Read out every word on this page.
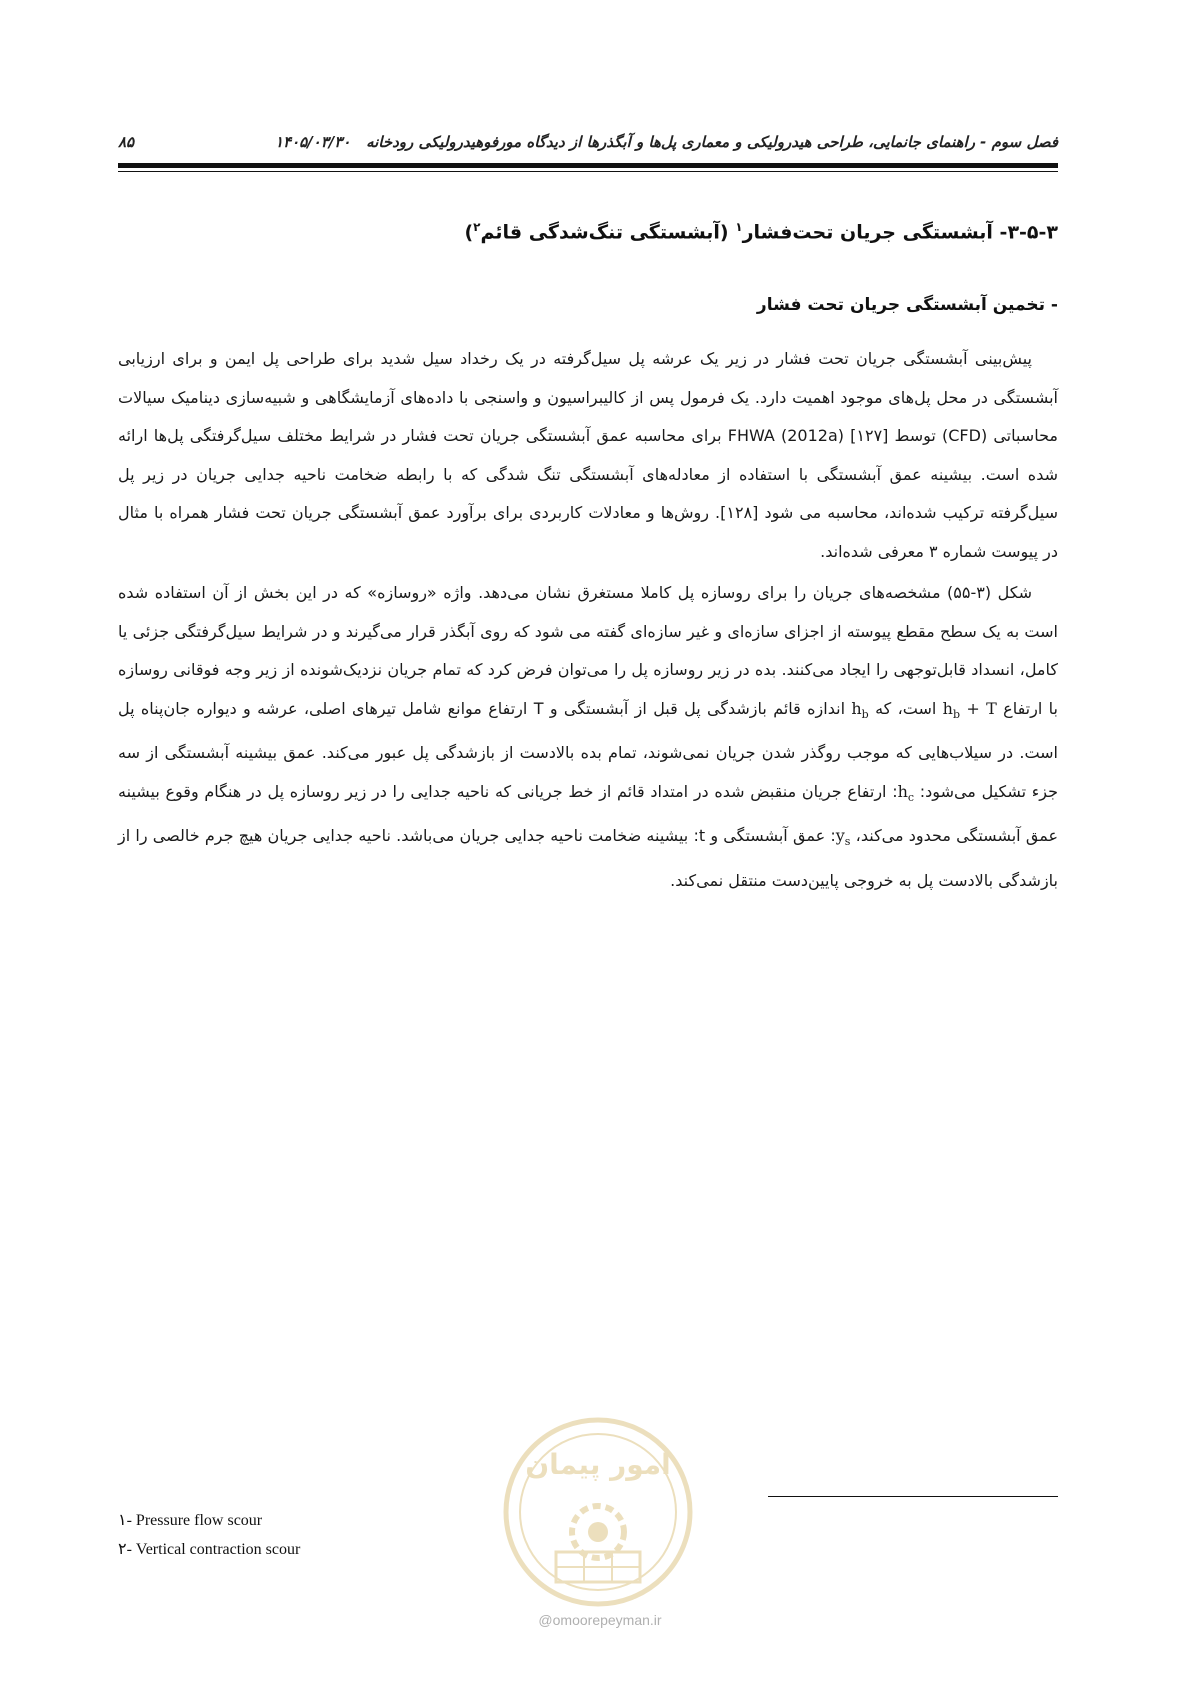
فصل سوم - راهنمای جانمایی، طراحی هیدرولیکی و معماری پل‌ها و آبگذرها از دیدگاه مورفوهیدرولیکی رودخانه   ۱۴۰۵/۰۳/۳۰
۸۵
۳-۵-۳- آبشستگی جریان تحت‌فشار$^۱$ (آبشستگی تنگ‌شدگی قائم$^۲$)
- تخمین آبشستگی جریان تحت فشار

پیش‌بینی آبشستگی جریان تحت فشار در زیر یک عرشه پل سیل‌گرفته در یک رخداد سیل شدید برای طراحی پل ایمن و برای ارزیابی آبشستگی در محل پل‌های موجود اهمیت دارد. یک فرمول پس از کالیبراسیون و واسنجی با داده‌های آزمایشگاهی و شبیه‌سازی دینامیک سیالات محاسباتی (CFD) توسط FHWA (2012a) [۱۲۷] برای محاسبه عمق آبشستگی جریان تحت فشار در شرایط مختلف سیل‌گرفتگی پل‌ها ارائه شده است. بیشینه عمق آبشستگی با استفاده از معادله‌های آبشستگی تنگ شدگی که با رابطه ضخامت ناحیه جدایی جریان در زیر پل سیل‌گرفته ترکیب شده‌اند، محاسبه می شود [۱۲۸]. روش‌ها و معادلات کاربردی برای برآورد عمق آبشستگی جریان تحت فشار همراه با مثال در پیوست شماره ۳ معرفی شده‌اند.

شکل (۳-۵۵) مشخصه‌های جریان را برای روسازه پل کاملا مستغرق نشان می‌دهد. واژه «روسازه» که در این بخش از آن استفاده شده است به یک سطح مقطع پیوسته از اجزای سازه‌ای و غیر سازه‌ای گفته می شود که روی آبگذر قرار می‌گیرند و در شرایط سیل‌گرفتگی جزئی یا کامل، انسداد قابل‌توجهی را ایجاد می‌کنند. بده در زیر روسازه پل را می‌توان فرض کرد که تمام جریان نزدیک‌شونده از زیر وجه فوقانی روسازه با ارتفاع $h_b + T$ است، که $h_b$ اندازه قائم بازشدگی پل قبل از آبشستگی و T ارتفاع موانع شامل تیرهای اصلی، عرشه و دیواره جان‌پناه پل است. در سیلاب‌هایی که موجب روگذر شدن جریان نمی‌شوند، تمام بده بالادست از بازشدگی پل عبور می‌کند. عمق بیشینه آبشستگی از سه جزء تشکیل می‌شود: $h_c$: ارتفاع جریان منقبض شده در امتداد قائم از خط جریانی که ناحیه جدایی را در زیر روسازه پل در هنگام وقوع بیشینه عمق آبشستگی محدود می‌کند، $y_s$: عمق آبشستگی و t: بیشینه ضخامت ناحیه جدایی جریان می‌باشد. ناحیه جدایی جریان هیچ جرم خالصی را از بازشدگی بالادست پل به خروجی پایین‌دست منتقل نمی‌کند.

امور پیمان
@omoorepeyman.ir
١- Pressure flow scour
٢- Vertical contraction scour
